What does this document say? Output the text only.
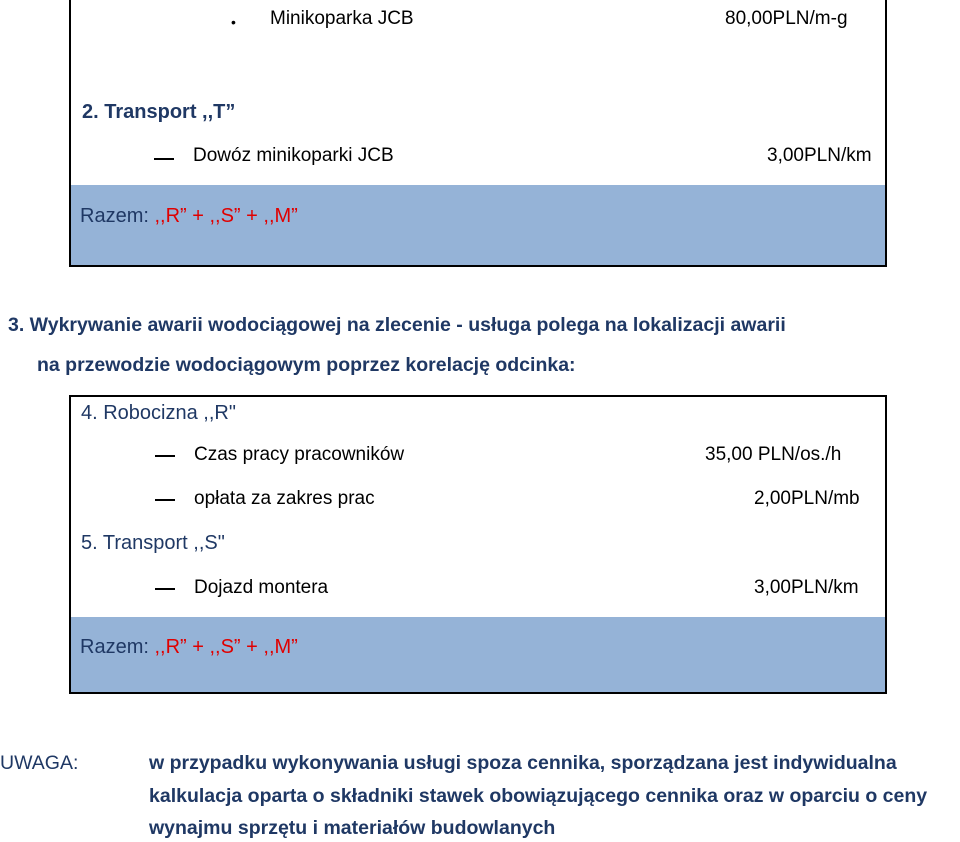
• Minikoparka JCB	80,00PLN/m-g
2. Transport ,,T”
Dowóz minikoparki JCB	3,00PLN/km
Razem: ,,R” + ,,S” + ,,M”
3. Wykrywanie awarii wodociągowej na zlecenie - usługa polega na lokalizacji awarii
na przewodzie wodociągowym poprzez korelację odcinka:
4. Robocizna ,,R"
Czas pracy pracowników	35,00 PLN/os./h
opłata za zakres prac	2,00PLN/mb
5. Transport ,,S"
Dojazd montera	3,00PLN/km
Razem: ,,R” + ,,S” + ,,M”
UWAGA:	w przypadku wykonywania usługi spoza cennika, sporządzana jest indywidualna
kalkulacja oparta o składniki stawek obowiązującego cennika oraz w oparciu o ceny
wynajmu sprzętu i materiałów budowlanych
